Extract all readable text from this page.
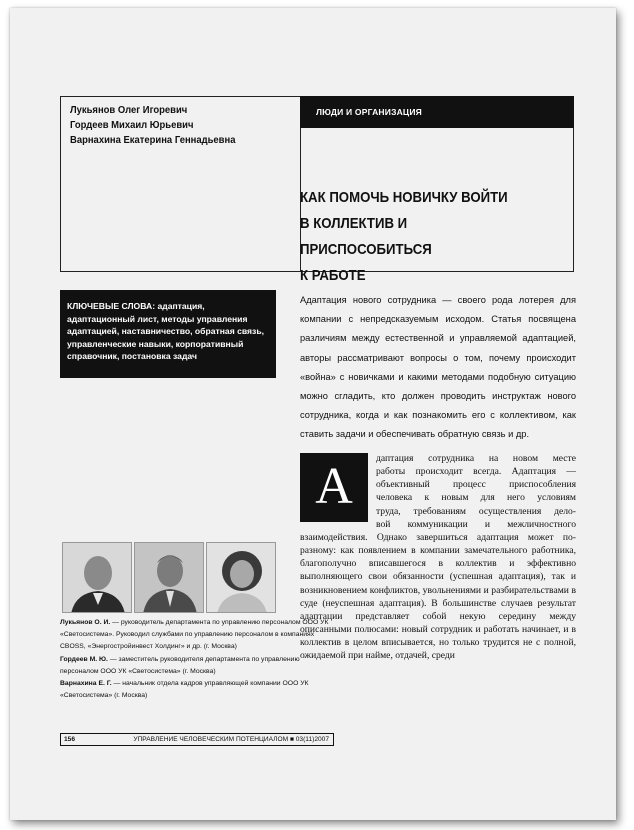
Лукьянов Олег Игоревич
Гордеев Михаил Юрьевич
Варнахина Екатерина Геннадьевна
ЛЮДИ И ОРГАНИЗАЦИЯ
КАК ПОМОЧЬ НОВИЧКУ ВОЙТИ
В КОЛЛЕКТИВ И ПРИСПОСОБИТЬСЯ
К РАБОТЕ
КЛЮЧЕВЫЕ СЛОВА: адаптация, адаптационный лист, методы управления адаптацией, наставничество, обратная связь, управленческие навыки, корпоративный справочник, постановка задач
Адаптация нового сотрудника — своего рода лотерея для компании с непредсказуемым исходом. Статья посвящена различиям между естественной и управляемой адаптацией, авторы рассматривают вопросы о том, почему происходит «война» с новичками и какими методами подобную ситуацию можно сгладить, кто должен проводить инструктаж нового сотрудника, когда и как познакомить его с коллективом, как ставить задачи и обеспечивать обратную связь и др.
А	даптация сотрудника на новом месте

работы происходит всегда. Адаптация —

объективный процесс приспособления

человека к новым для него условиям

труда, требованиям осуществления дело-

вой коммуникации и межличностного

взаимодействия. Однако завершиться адаптация может по-разному: как появлением в компании замечательного работника, благополучно вписавшегося в коллектив и эффективно выполняющего свои обязанности (успешная адаптация), так и возникновением конфликтов, увольнениями и разбирательствами в суде (неуспешная адаптация). В большинстве случаев результат адаптации представляет собой некую середину между описанными полюсами: новый сотрудник и работать начинает, и в коллектив в целом вписывается, но только трудится не с полной, ожидаемой при найме, отдачей, среди

Лукьянов О. И. — руководитель департамента по управлению персоналом ООО УК «Светосистема». Руководил службами по управлению персоналом в компаниях CBOSS, «Энергостройинвест Холдинг» и др. (г. Москва)

Гордеев М. Ю. — заместитель руководителя департамента по управлению персоналом ООО УК «Светосистема» (г. Москва)

Варнахина Е. Г. — начальник отдела кадров управляющей компании ООО УК «Светосистема» (г. Москва)

156	УПРАВЛЕНИЕ ЧЕЛОВЕЧЕСКИМ ПОТЕНЦИАЛОМ ■ 03(11)2007
